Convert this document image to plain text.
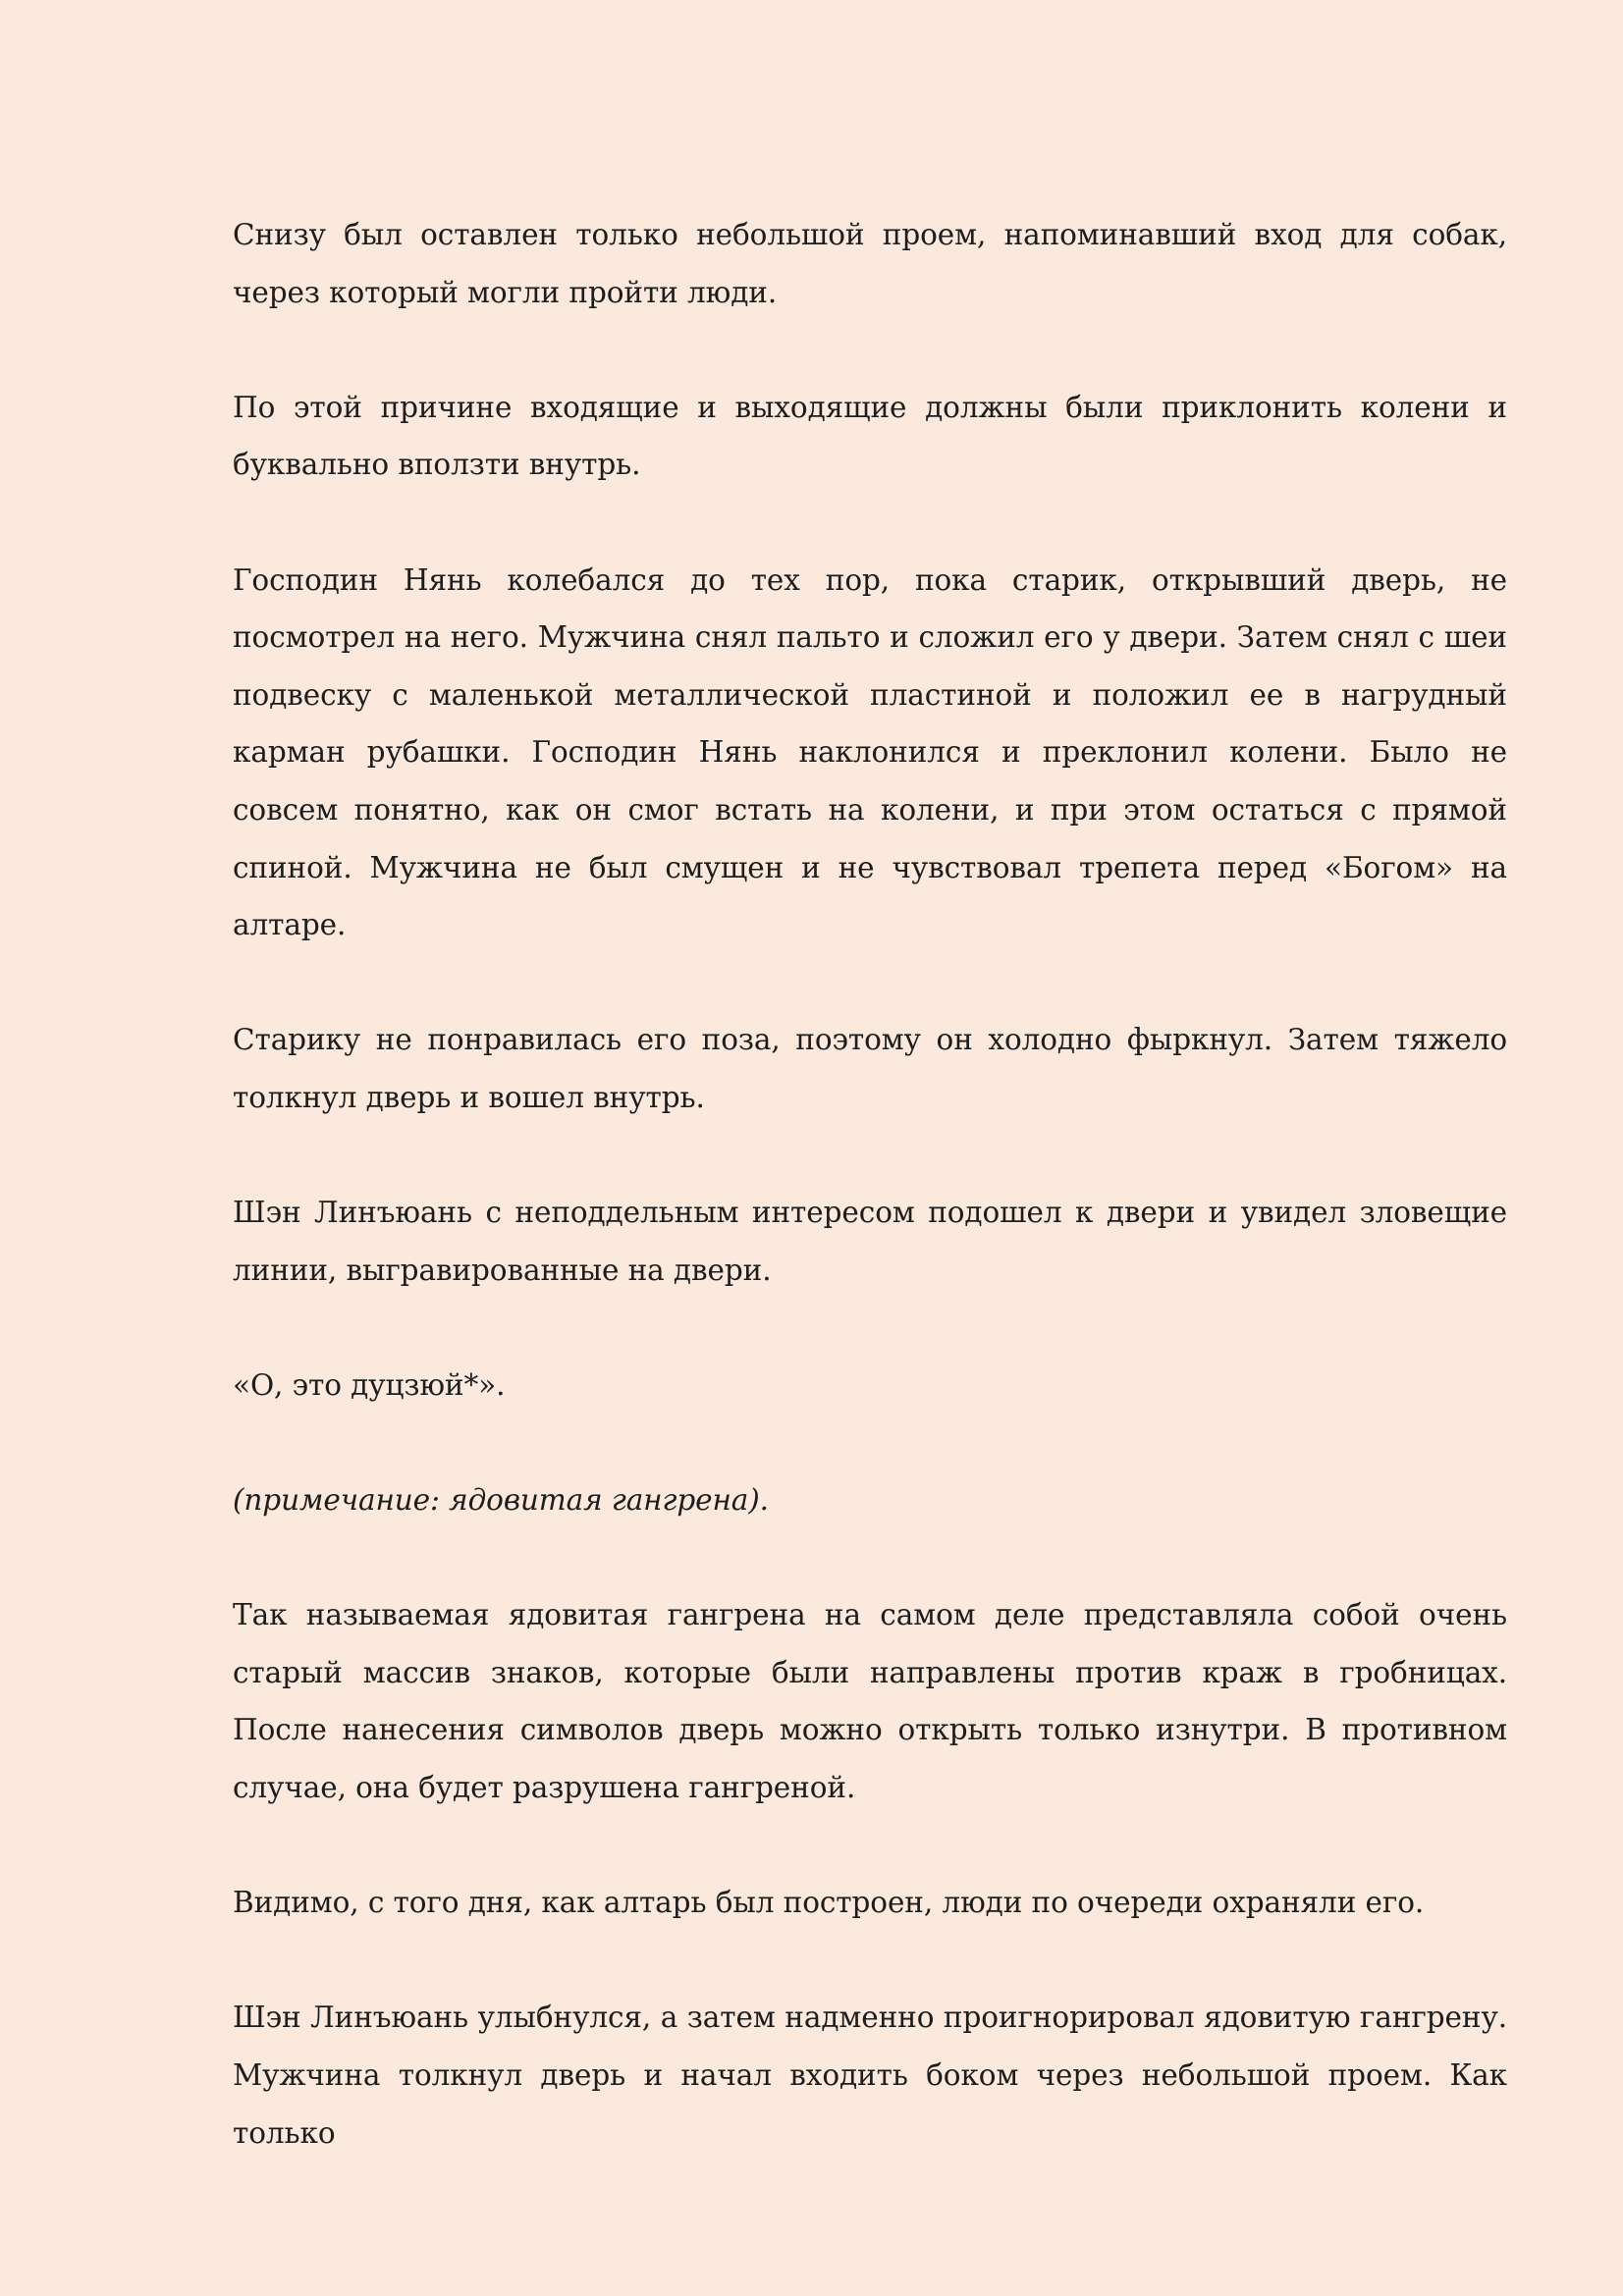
Снизу был оставлен только небольшой проем, напоминавший вход для собак, через который могли пройти люди.

По этой причине входящие и выходящие должны были приклонить колени и буквально вползти внутрь.

Господин Нянь колебался до тех пор, пока старик, открывший дверь, не посмотрел на него. Мужчина снял пальто и сложил его у двери. Затем снял с шеи подвеску с маленькой металлической пластиной и положил ее в нагрудный карман рубашки. Господин Нянь наклонился и преклонил колени. Было не совсем понятно, как он смог встать на колени, и при этом остаться с прямой спиной. Мужчина не был смущен и не чувствовал трепета перед «Богом» на алтаре.

Старику не понравилась его поза, поэтому он холодно фыркнул. Затем тяжело толкнул дверь и вошел внутрь.

Шэн Линъюань с неподдельным интересом подошел к двери и увидел зловещие линии, выгравированные на двери.

«О, это дуцзюй*».

(примечание: ядовитая гангрена).

Так называемая ядовитая гангрена на самом деле представляла собой очень старый массив знаков, которые были направлены против краж в гробницах. После нанесения символов дверь можно открыть только изнутри. В противном случае, она будет разрушена гангреной.

Видимо, с того дня, как алтарь был построен, люди по очереди охраняли его.

Шэн Линъюань улыбнулся, а затем надменно проигнорировал ядовитую гангрену. Мужчина толкнул дверь и начал входить боком через небольшой проем. Как только
